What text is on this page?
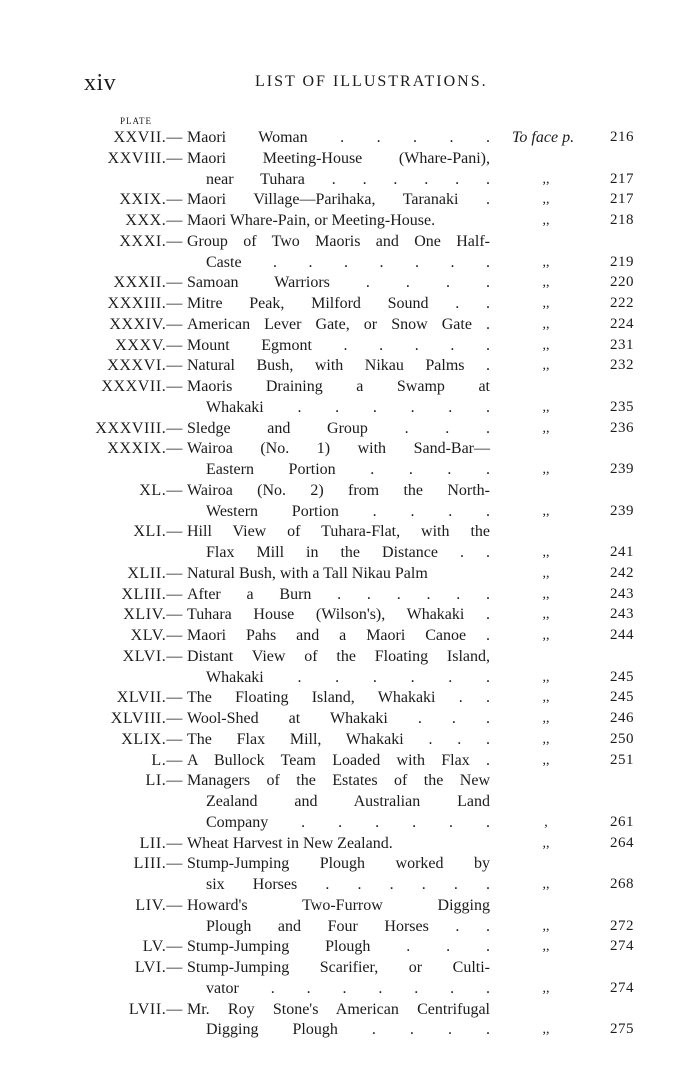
xiv	LIST OF ILLUSTRATIONS.
PLATE
XXVII.— Maori Woman . . . . . To face p.	216
XXVIII.— Maori Meeting-House (Whare-Pani),
near Tuhara . . . . . .	,,	217
XXIX.— Maori Village—Parihaka, Taranaki .	,,	217
XXX.— Maori Whare-Pain, or Meeting-House.	,,	218
XXXI.— Group of Two Maoris and One Half-
Caste . . . . . . .	,,	219
XXXII.— Samoan Warriors . . . .	,,	220
XXXIII.— Mitre Peak, Milford Sound . .	,,	222
XXXIV.— American Lever Gate, or Snow Gate .	,,	224
XXXV.— Mount Egmont . . . . .	,,	231
XXXVI.— Natural Bush, with Nikau Palms .	,,	232
XXXVII.— Maoris Draining a Swamp at
Whakaki . . . . . .	,,	235
XXXVIII.— Sledge and Group . . .	,,	236
XXXIX.— Wairoa (No. 1) with Sand-Bar—
Eastern Portion . . . .	,,	239
XL.— Wairoa (No. 2) from the North-
Western Portion . . . .	,,	239
XLI.— Hill View of Tuhara-Flat, with the
Flax Mill in the Distance . .	,,	241
XLII.— Natural Bush, with a Tall Nikau Palm	,,	242
XLIII.— After a Burn . . . . . .	,,	243
XLIV.— Tuhara House (Wilson's), Whakaki .	,,	243
XLV.— Maori Pahs and a Maori Canoe .	,,	244
XLVI.— Distant View of the Floating Island,
Whakaki . . . . . .	,,	245
XLVII.— The Floating Island, Whakaki . .	,,	245
XLVIII.— Wool-Shed at Whakaki . . .	,,	246
XLIX.— The Flax Mill, Whakaki . . .	,,	250
L.— A Bullock Team Loaded with Flax .	,,	251
LI.— Managers of the Estates of the New
Zealand and Australian Land
Company . . . . . .	,	261
LII.— Wheat Harvest in New Zealand.	,,	264
LIII.— Stump-Jumping Plough worked by
six Horses . . . . . .	,,	268
LIV.— Howard's Two-Furrow Digging
Plough and Four Horses . .	,,	272
LV.— Stump-Jumping Plough . . .	,,	274
LVI.— Stump-Jumping Scarifier, or Culti-
vator . . . . . . .	,,	274
LVII.— Mr. Roy Stone's American Centrifugal
Digging Plough . . . .	,,	275
